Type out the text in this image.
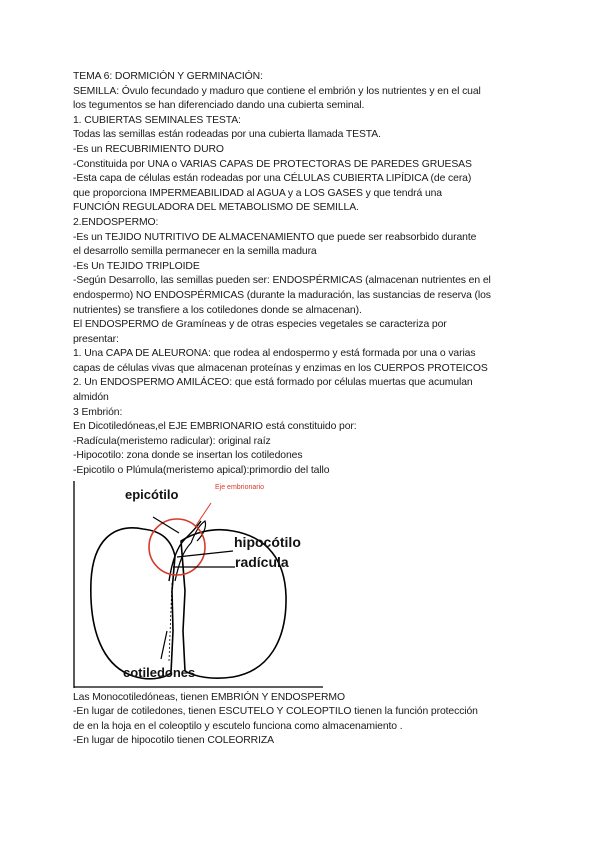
TEMA 6: DORMICIÓN Y GERMINACIÓN:
SEMILLA: Óvulo fecundado y maduro que contiene el embrión y los nutrientes y en el cual
los tegumentos se han diferenciado dando una cubierta seminal.
1. CUBIERTAS SEMINALES TESTA:
Todas las semillas están rodeadas por una cubierta llamada TESTA.
-Es un RECUBRIMIENTO DURO
-Constituida por UNA o VARIAS CAPAS DE PROTECTORAS DE PAREDES GRUESAS
-Esta capa de células están rodeadas por una CÉLULAS CUBIERTA LIPÍDICA (de cera)
que proporciona IMPERMEABILIDAD al AGUA y a LOS GASES y que tendrá una
FUNCIÓN REGULADORA DEL METABOLISMO DE SEMILLA.
2.ENDOSPERMO:
-Es un TEJIDO NUTRITIVO DE ALMACENAMIENTO que puede ser reabsorbido durante
el desarrollo semilla permanecer en la semilla madura
-Es Un TEJIDO TRIPLOIDE
-Según Desarrollo, las semillas pueden ser: ENDOSPÉRMICAS (almacenan nutrientes en el
endospermo) NO ENDOSPÉRMICAS (durante la maduración, las sustancias de reserva (los
nutrientes) se transfiere a los cotiledones donde se almacenan).
El ENDOSPERMO de Gramíneas y de otras especies vegetales se caracteriza por
presentar:
1. Una CAPA DE ALEURONA: que rodea al endospermo y está formada por una o varias
capas de células vivas que almacenan proteínas y enzimas en los CUERPOS PROTEICOS
2. Un ENDOSPERMO AMILÁCEO: que está formado por células muertas que acumulan
almidón
3 Embrión:
En Dicotiledóneas,el EJE EMBRIONARIO está constituido por:
-Radícula(meristemo radicular): original raíz
-Hipocotilo: zona donde se insertan los cotiledones
-Epicotilo o Plúmula(meristemo apical):primordio del tallo
epicótilo	Eje embrionario
hipocótilo
radícula
cotiledones
Las Monocotiledóneas, tienen EMBRIÓN Y ENDOSPERMO
-En lugar de cotiledones, tienen ESCUTELO Y COLEOPTILO tienen la función protección
de en la hoja en el coleoptilo y escutelo funciona como almacenamiento .
-En lugar de hipocotilo tienen COLEORRIZA
